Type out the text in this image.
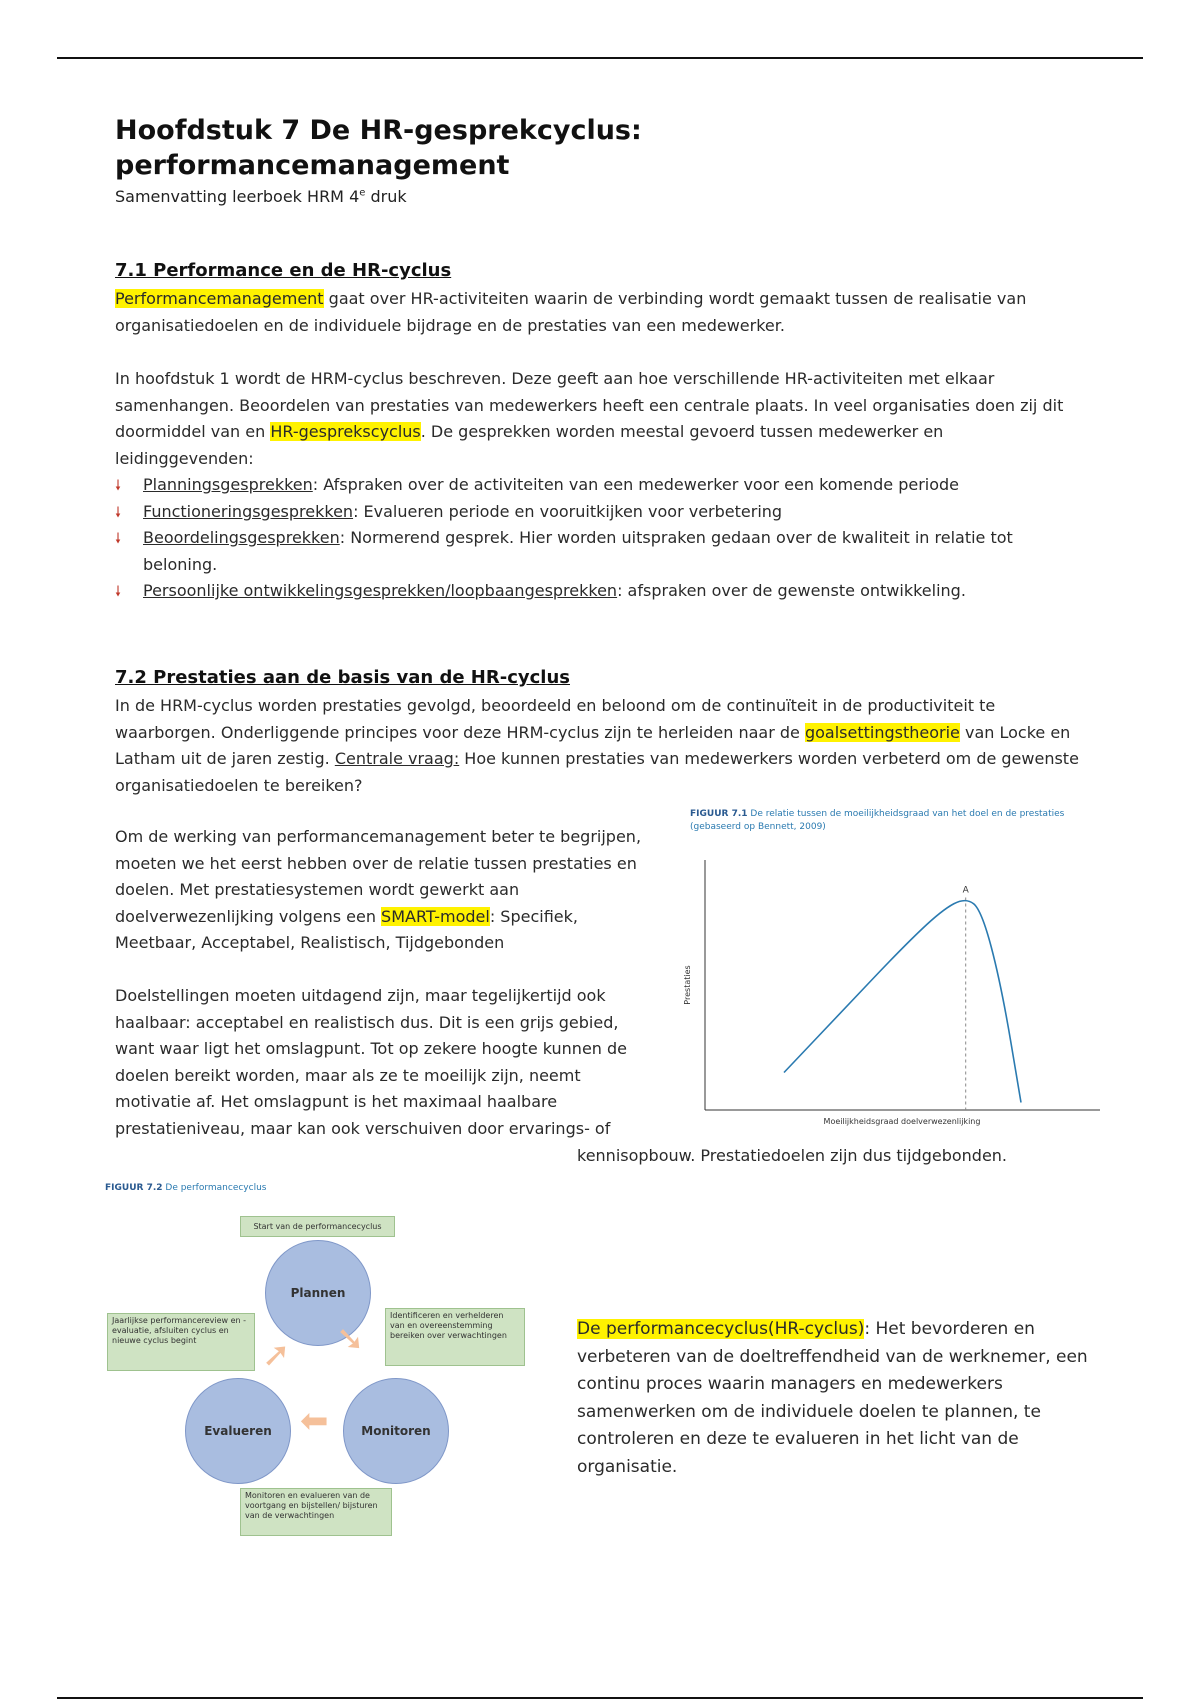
Hoofdstuk 7 De HR-gesprekcyclus: performancemanagement
Samenvatting leerboek HRM 4e druk
7.1 Performance en de HR-cyclus

Performancemanagement gaat over HR-activiteiten waarin de verbinding wordt gemaakt tussen de realisatie van organisatiedoelen en de individuele bijdrage en de prestaties van een medewerker.

In hoofdstuk 1 wordt de HRM-cyclus beschreven. Deze geeft aan hoe verschillende HR-activiteiten met elkaar samenhangen. Beoordelen van prestaties van medewerkers heeft een centrale plaats. In veel organisaties doen zij dit doormiddel van en HR-gesprekscyclus. De gesprekken worden meestal gevoerd tussen medewerker en leidinggevenden:

🠗 Planningsgesprekken: Afspraken over de activiteiten van een medewerker voor een komende periode
🠗 Functioneringsgesprekken: Evalueren periode en vooruitkijken voor verbetering
🠗 Beoordelingsgesprekken: Normerend gesprek. Hier worden uitspraken gedaan over de kwaliteit in relatie tot beloning.
🠗 Persoonlijke ontwikkelingsgesprekken/loopbaangesprekken: afspraken over de gewenste ontwikkeling.
7.2 Prestaties aan de basis van de HR-cyclus

In de HRM-cyclus worden prestaties gevolgd, beoordeeld en beloond om de continuïteit in de productiviteit te waarborgen. Onderliggende principes voor deze HRM-cyclus zijn te herleiden naar de goalsettingstheorie van Locke en Latham uit de jaren zestig. Centrale vraag: Hoe kunnen prestaties van medewerkers worden verbeterd om de gewenste organisatiedoelen te bereiken?

Om de werking van performancemanagement beter te begrijpen, moeten we het eerst hebben over de relatie tussen prestaties en doelen. Met prestatiesystemen wordt gewerkt aan doelverwezenlijking volgens een SMART-model: Specifiek, Meetbaar, Acceptabel, Realistisch, Tijdgebonden

Doelstellingen moeten uitdagend zijn, maar tegelijkertijd ook haalbaar: acceptabel en realistisch dus. Dit is een grijs gebied, want waar ligt het omslagpunt. Tot op zekere hoogte kunnen de doelen bereikt worden, maar als ze te moeilijk zijn, neemt motivatie af. Het omslagpunt is het maximaal haalbare prestatieniveau, maar kan ook verschuiven door ervarings- of

kennisopbouw. Prestatiedoelen zijn dus tijdgebonden.

FIGUUR 7.1 De relatie tussen de moeilijkheidsgraad van het doel en de prestaties (gebaseerd op Bennett, 2009)
A
Prestaties
Moeilijkheidsgraad doelverwezenlijking
FIGUUR 7.2 De performancecyclus
Start van de performancecyclus
Plannen
Identificeren en verhelderen van en overeenstemming bereiken over verwachtingen
Jaarlijkse performancereview en -evaluatie, afsluiten cyclus en nieuwe cyclus begint
Evalueren	Monitoren
Monitoren en evalueren van de voortgang en bijstellen/ bijsturen van de verwachtingen
➘
⬅
➚

De performancecyclus(HR-cyclus): Het bevorderen en verbeteren van de doeltreffendheid van de werknemer, een continu proces waarin managers en medewerkers samenwerken om de individuele doelen te plannen, te controleren en deze te evalueren in het licht van de organisatie.
